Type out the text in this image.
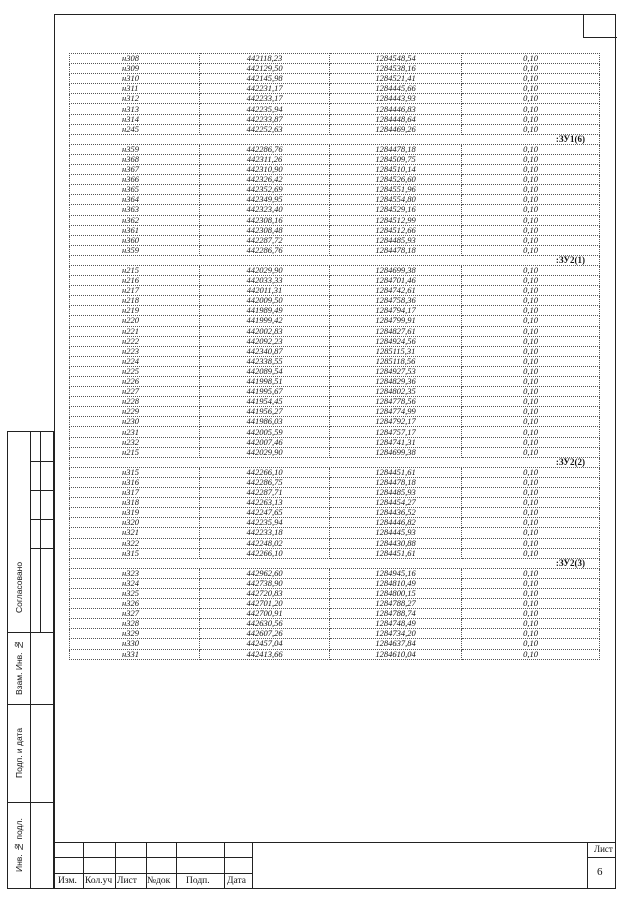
н308	442118,23	1284548,54	0,10
н309	442129,50	1284538,16	0,10
н310	442145,98	1284521,41	0,10
н311	442231,17	1284445,66	0,10
н312	442233,17	1284443,93	0,10
н313	442235,94	1284446,83	0,10
н314	442233,87	1284448,64	0,10
н245	442252,63	1284469,26	0,10
:ЗУ1(6)			
н359	442286,76	1284478,18	0,10
н368	442311,26	1284509,75	0,10
н367	442310,90	1284510,14	0,10
н366	442326,42	1284526,60	0,10
н365	442352,69	1284551,96	0,10
н364	442349,95	1284554,80	0,10
н363	442323,40	1284529,16	0,10
н362	442308,16	1284512,99	0,10
н361	442308,48	1284512,66	0,10
н360	442287,72	1284485,93	0,10
н359	442286,76	1284478,18	0,10
:ЗУ2(1)			
н215	442029,90	1284699,38	0,10
н216	442033,33	1284701,46	0,10
н217	442011,31	1284742,61	0,10
н218	442009,50	1284758,36	0,10
н219	441989,49	1284794,17	0,10
н220	441999,42	1284799,91	0,10
н221	442002,83	1284827,61	0,10
н222	442092,23	1284924,56	0,10
н223	442340,87	1285115,31	0,10
н224	442338,55	1285118,56	0,10
н225	442089,54	1284927,53	0,10
н226	441998,51	1284829,36	0,10
н227	441995,67	1284802,35	0,10
н228	441954,45	1284778,56	0,10
н229	441956,27	1284774,99	0,10
н230	441986,03	1284792,17	0,10
н231	442005,59	1284757,17	0,10
н232	442007,46	1284741,31	0,10
н215	442029,90	1284699,38	0,10
:ЗУ2(2)			
н315	442266,10	1284451,61	0,10
н316	442286,75	1284478,18	0,10
н317	442287,71	1284485,93	0,10
н318	442263,13	1284454,27	0,10
н319	442247,65	1284436,52	0,10
н320	442235,94	1284446,82	0,10
н321	442233,18	1284445,93	0,10
н322	442248,02	1284430,88	0,10
н315	442266,10	1284451,61	0,10
:ЗУ2(3)			
н323	442962,60	1284945,16	0,10
н324	442738,90	1284810,49	0,10
н325	442720,83	1284800,15	0,10
н326	442701,20	1284788,27	0,10
н327	442700,91	1284788,74	0,10
н328	442630,56	1284748,49	0,10
н329	442607,26	1284734,20	0,10
н330	442457,04	1284637,84	0,10
н331	442413,66	1284610,04	0,10
Согласовано
Взам. Инв. №
Подп. и дата
Инв. № подл.
Изм. Кол.уч Лист №док Подп. Дата
Лист
6
